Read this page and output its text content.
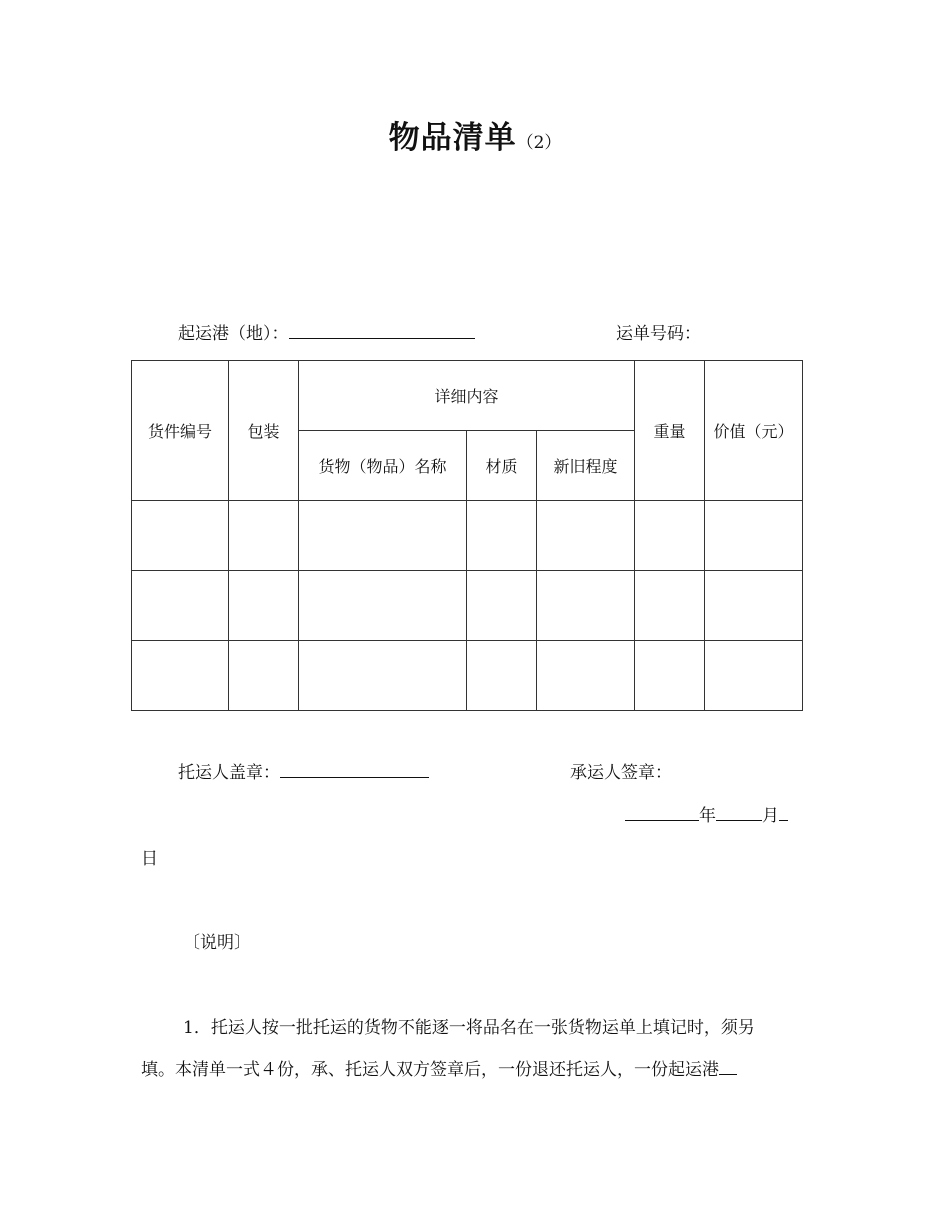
物品清单（2）
起运港（地）：	运单号码：
货件编号	包装	详细内容			重量	价值（元）
		货物（物品）名称	材质	新旧程度		

托运人盖章：	承运人签章：
年	月
日
〔说明〕
1．托运人按一批托运的货物不能逐一将品名在一张货物运单上填记时，须另
填。本清单一式４份，承、托运人双方签章后，一份退还托运人，一份起运港
